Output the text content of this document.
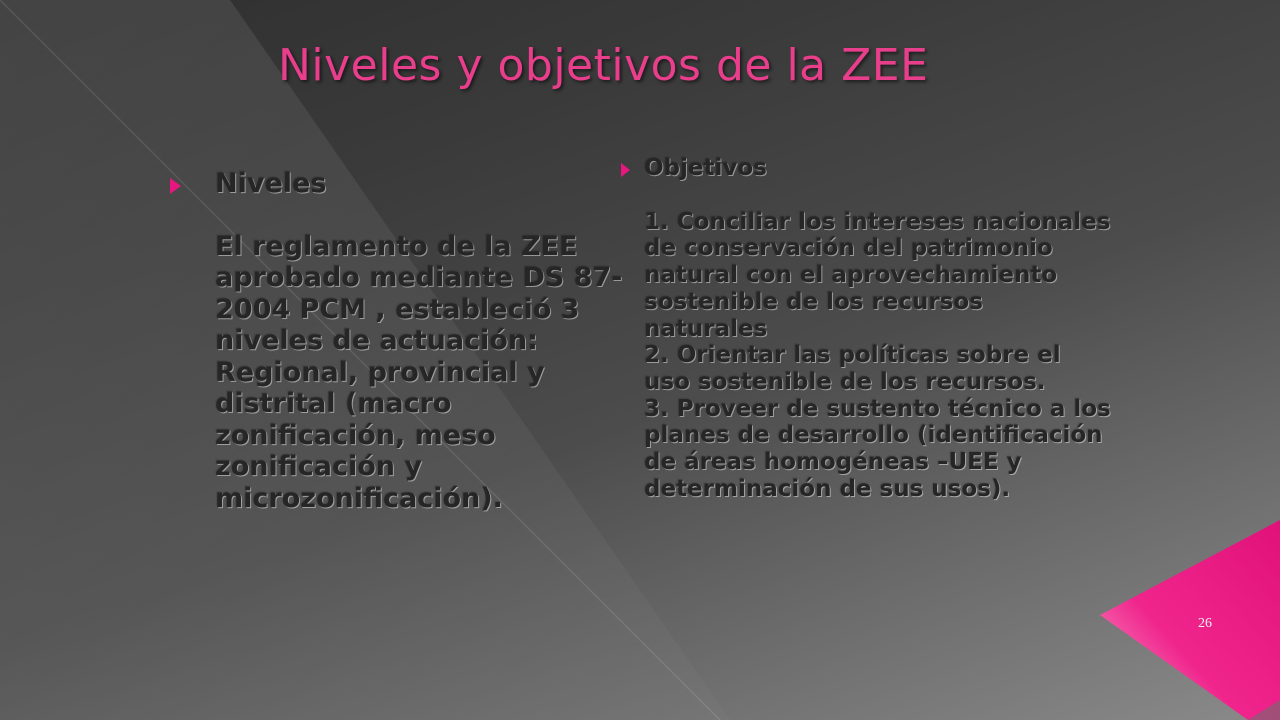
Niveles y objetivos de la ZEE
Niveles
El reglamento de la ZEE aprobado mediante DS 87-2004 PCM , estableció 3 niveles de actuación: Regional, provincial y distrital (macro zonificación, meso zonificación y microzonificación).
Objetivos
1. Conciliar los intereses nacionales de conservación del patrimonio natural con el aprovechamiento sostenible de los recursos naturales
2. Orientar las políticas sobre el uso sostenible de los recursos.
3. Proveer de sustento técnico a los planes de desarrollo (identificación de áreas homogéneas –UEE y determinación de sus usos).
26
